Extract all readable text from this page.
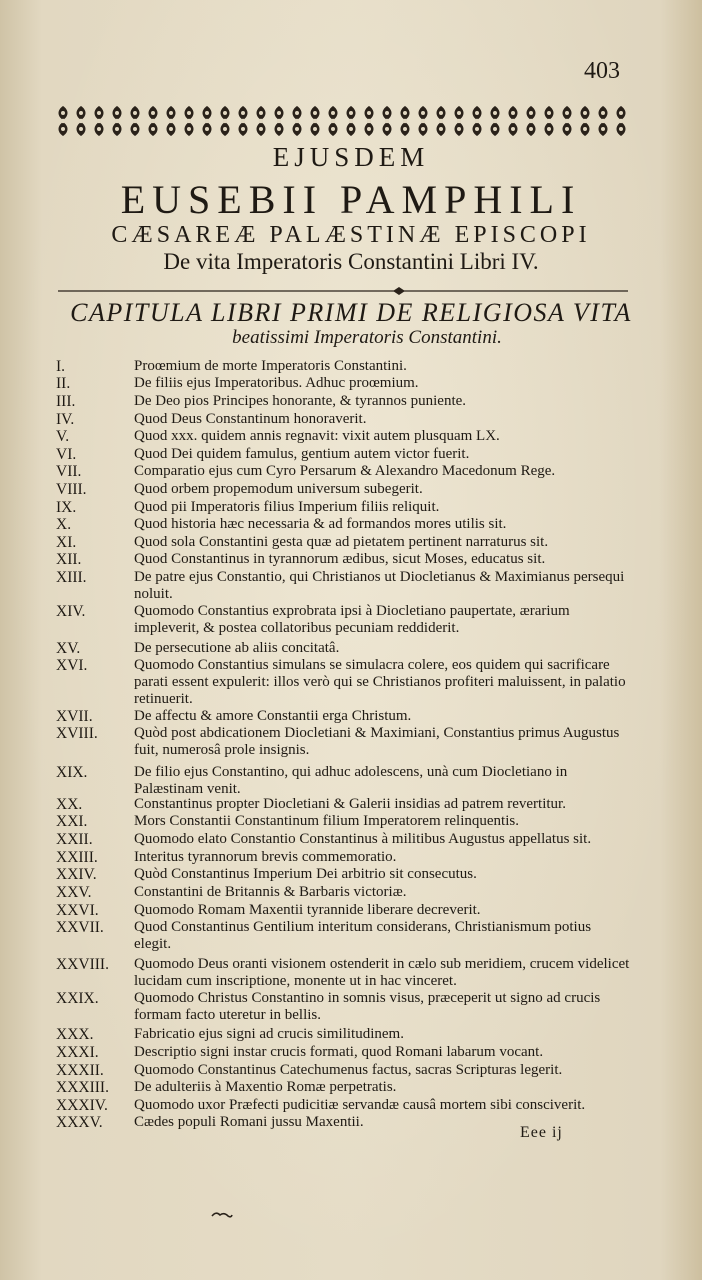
403
EJUSDEM
EUSEBII PAMPHILI
CÆSAREÆ PALÆSTINÆ EPISCOPI
De vita Imperatoris Constantini Libri IV.
CAPITULA LIBRI PRIMI DE RELIGIOSA VITA
beatissimi Imperatoris Constantini.
I.	Proœmium de morte Imperatoris Constantini.
II.	De filiis ejus Imperatoribus. Adhuc proœmium.
III.	De Deo pios Principes honorante, & tyrannos puniente.
IV.	Quod Deus Constantinum honoraverit.
V.	Quod xxx. quidem annis regnavit: vixit autem plusquam LX.
VI.	Quod Dei quidem famulus, gentium autem victor fuerit.
VII.	Comparatio ejus cum Cyro Persarum & Alexandro Macedonum Rege.
VIII.	Quod orbem propemodum universum subegerit.
IX.	Quod pii Imperatoris filius Imperium filiis reliquit.
X.	Quod historia hæc necessaria & ad formandos mores utilis sit.
XI.	Quod sola Constantini gesta quæ ad pietatem pertinent narraturus sit.
XII.	Quod Constantinus in tyrannorum ædibus, sicut Moses, educatus sit.
XIII.	De patre ejus Constantio, qui Christianos ut Diocletianus & Maximianus persequi noluit.
XIV.	Quomodo Constantius exprobrata ipsi à Diocletiano paupertate, ærarium impleverit, & postea collatoribus pecuniam reddiderit.
XV.	De persecutione ab aliis concitatâ.
XVI.	Quomodo Constantius simulans se simulacra colere, eos quidem qui sacrificare parati essent expulerit: illos verò qui se Christianos profiteri maluissent, in palatio retinuerit.
XVII.	De affectu & amore Constantii erga Christum.
XVIII.	Quòd post abdicationem Diocletiani & Maximiani, Constantius primus Augustus fuit, numerosâ prole insignis.
XIX.	De filio ejus Constantino, qui adhuc adolescens, unà cum Diocletiano in Palæstinam venit.
XX.	Constantinus propter Diocletiani & Galerii insidias ad patrem revertitur.
XXI.	Mors Constantii Constantinum filium Imperatorem relinquentis.
XXII.	Quomodo elato Constantio Constantinus à militibus Augustus appellatus sit.
XXIII.	Interitus tyrannorum brevis commemoratio.
XXIV.	Quòd Constantinus Imperium Dei arbitrio sit consecutus.
XXV.	Constantini de Britannis & Barbaris victoriæ.
XXVI.	Quomodo Romam Maxentii tyrannide liberare decreverit.
XXVII.	Quod Constantinus Gentilium interitum considerans, Christianismum potius elegit.
XXVIII.	Quomodo Deus oranti visionem ostenderit in cælo sub meridiem, crucem videlicet lucidam cum inscriptione, monente ut in hac vinceret.
XXIX.	Quomodo Christus Constantino in somnis visus, præceperit ut signo ad crucis formam facto uteretur in bellis.
XXX.	Fabricatio ejus signi ad crucis similitudinem.
XXXI.	Descriptio signi instar crucis formati, quod Romani labarum vocant.
XXXII.	Quomodo Constantinus Catechumenus factus, sacras Scripturas legerit.
XXXIII.	De adulteriis à Maxentio Romæ perpetratis.
XXXIV.	Quomodo uxor Præfecti pudicitiæ servandæ causâ mortem sibi consciverit.
XXXV.	Cædes populi Romani jussu Maxentii.
Eee ij
